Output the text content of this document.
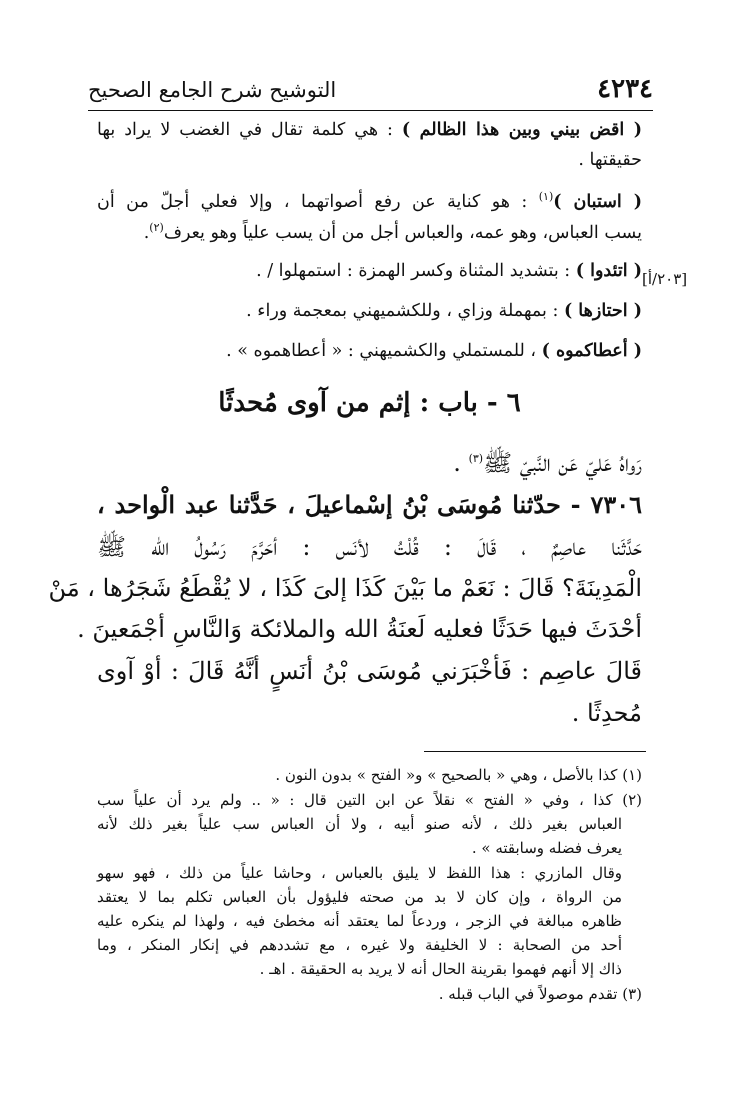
٤٢٣٤
التوشيح شرح الجامع الصحيح
[٢٠٣/أ]
( اقض بيني وبين هذا الظالم ) : هي كلمة تقال في الغضب لا يراد بها
حقيقتها .
( استبان )$^{(١)}$ : هو كناية عن رفع أصواتهما ، وإلا فعلي أجلّ من أن
يسب العباس، وهو عمه، والعباس أجل من أن يسب علياً وهو يعرف$^{(٢)}$.
( اتئدوا ) : بتشديد المثناة وكسر الهمزة : استمهلوا / .
( احتازها ) : بمهملة وزاي ، وللكشميهني بمعجمة وراء .
( أعطاكموه ) ، للمستملي والكشميهني : « أعطاهموه » .
٦ - باب : إثم من آوى مُحدثًا
رَواهُ عَليّ عَن النَّبيّ ﷺ$^{(٣)}$ .
٧٣٠٦ - حدّثنا مُوسَى بْنُ إسْماعيلَ ، حَدَّثنا عبد الْواحد ،
حَدَّثَنا عاصِمٌ ، قَالَ : قُلْتُ لأنَس : أحَرَّمَ رَسُولُ الله ﷺ
الْمَدِينَةَ؟ قَالَ : نَعَمْ ما بَيْنَ كَذَا إلىَ كَذَا ، لا يُقْطَعُ شَجَرُها ، مَنْ
أحْدَثَ فيها حَدَثًا فعليه لَعنَةُ الله والملائكة وَالنَّاسِ أجْمَعينَ .
قَالَ عاصِم : فَأخْبَرَني مُوسَى بْنُ أنَسٍ أنَّهُ قَالَ : أوْ آوى
مُحدِثًا .
(١) كذا بالأصل ، وهي « بالصحيح » و« الفتح » بدون النون .
(٢) كذا ، وفي « الفتح » نقلاً عن ابن التين قال : « .. ولم يرد أن علياً سب
العباس بغير ذلك ، لأنه صنو أبيه ، ولا أن العباس سب علياً بغير ذلك لأنه
يعرف فضله وسابقته » .
وقال المازري : هذا اللفظ لا يليق بالعباس ، وحاشا علياً من ذلك ، فهو سهو
من الرواة ، وإن كان لا بد من صحته فليؤول بأن العباس تكلم بما لا يعتقد
ظاهره مبالغة في الزجر ، وردعاً لما يعتقد أنه مخطئ فيه ، ولهذا لم ينكره عليه
أحد من الصحابة : لا الخليفة ولا غيره ، مع تشددهم في إنكار المنكر ، وما
ذاك إلا أنهم فهموا بقرينة الحال أنه لا يريد به الحقيقة . اهـ .
(٣) تقدم موصولاً في الباب قبله .
